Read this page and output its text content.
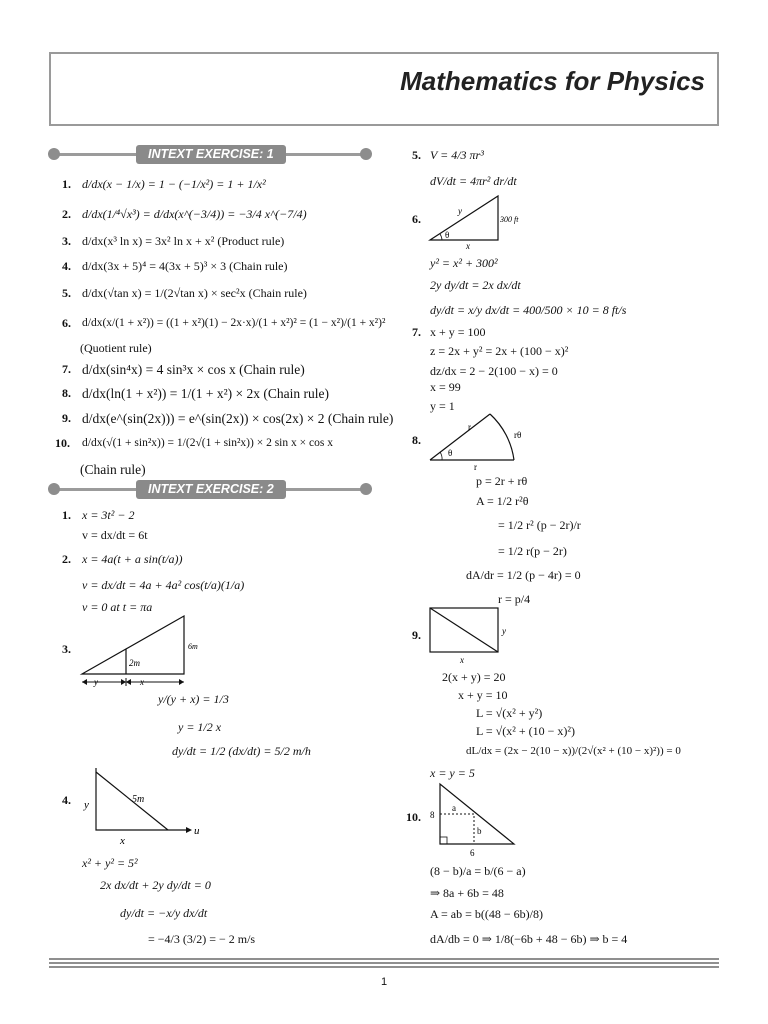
Mathematics for Physics
INTEXT EXERCISE: 1
INTEXT EXERCISE: 2
1. d/dx(x − 1/x) = 1 − (−1/x²) = 1 + 1/x²
2. d/dx(1/⁴√x³) = d/dx(x^(−3/4)) = −3/4 x^(−7/4)
3. d/dx(x³ ln x) = 3x² ln x + x² (Product rule)
4. d/dx(3x + 5)⁴ = 4(3x + 5)³ × 3 (Chain rule)
5. d/dx(√tan x) = 1/(2√tan x) × sec²x (Chain rule)
6. d/dx(x/(1 + x²)) = ((1 + x²)(1) − 2x·x)/(1 + x²)² = (1 − x²)/(1 + x²)²
(Quotient rule)
7. d/dx(sin⁴x) = 4 sin³x × cos x (Chain rule)
8. d/dx(ln(1 + x²)) = 1/(1 + x²) × 2x (Chain rule)
9. d/dx(e^(sin(2x))) = e^(sin(2x)) × cos(2x) × 2 (Chain rule)
10. d/dx(√(1 + sin²x)) = 1/(2√(1 + sin²x)) × 2 sin x × cos x
(Chain rule)
1. x = 3t² − 2
v = dx/dt = 6t
2. x = 4a(t + a sin(t/a))
v = dx/dt = 4a + 4a² cos(t/a)(1/a)
v = 0 at t = πa
3.	6m
2m
y	x
y/(y + x) = 1/3
y = 1/2 x
dy/dt = 1/2 (dx/dt) = 5/2 m/h
4. y	5m
x
u
x² + y² = 5²
2x dx/dt + 2y dy/dt = 0
dy/dt = −x/y dx/dt
= −4/3 (3/2) = − 2 m/s
5. V = 4/3 πr³
dV/dt = 4πr² dr/dt
6.
y
300 ft
θ
x
y² = x² + 300²
2y dy/dt = 2x dx/dt
dy/dt = x/y dx/dt = 400/500 × 10 = 8 ft/s
7. x + y = 100
z = 2x + y² = 2x + (100 − x)²
dz/dx = 2 − 2(100 − x) = 0
x = 99
y = 1
8.
r
rθ
θ
r
p = 2r + rθ
A = 1/2 r²θ
= 1/2 r² (p − 2r)/r
= 1/2 r(p − 2r)
dA/dr = 1/2 (p − 4r) = 0
r = p/4
9.	y
x
2(x + y) = 20
x + y = 10
L = √(x² + y²)
L = √(x² + (10 − x)²)
dL/dx = (2x − 2(10 − x))/(2√(x² + (10 − x)²)) = 0
x = y = 5
10. 8
a
b
6
(8 − b)/a = b/(6 − a)
⇒ 8a + 6b = 48
A = ab = b((48 − 6b)/8)
dA/db = 0 ⇒ 1/8(−6b + 48 − 6b) ⇒ b = 4
1
